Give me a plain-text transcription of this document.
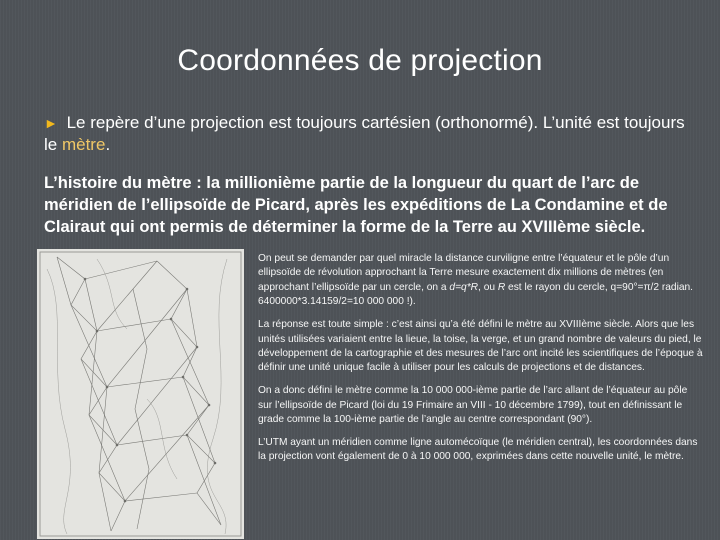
Coordonnées de projection
► Le repère d’une projection est toujours cartésien (orthonormé). L’unité est toujours le mètre.
L’histoire du mètre : la millionième partie de la longueur du quart de l’arc de méridien de l’ellipsoïde de Picard, après les expéditions de La Condamine et de Clairaut qui ont permis de déterminer la forme de la Terre au XVIIIème siècle.

On peut se demander par quel miracle la distance curviligne entre l’équateur et le pôle d’un ellipsoïde de révolution approchant la Terre mesure exactement dix millions de mètres (en approchant l’ellipsoïde par un cercle, on a d=q*R, ou R est le rayon du cercle, q=90°=π/2 radian. 6400000*3.14159/2=10 000 000 !).

La réponse est toute simple : c’est ainsi qu’a été défini le mètre au XVIIIème siècle. Alors que les unités utilisées variaient entre la lieue, la toise, la verge, et un grand nombre de valeurs du pied, le développement de la cartographie et des mesures de l’arc ont incité les scientifiques de l’époque à définir une unité unique facile à utiliser pour les calculs de projections et de distances.

On a donc défini le mètre comme la 10 000 000-ième partie de l’arc allant de l’équateur au pôle sur l’ellipsoïde de Picard (loi du 19 Frimaire an VIII - 10 décembre 1799), tout en définissant le grade comme la 100-ième partie de l’angle au centre correspondant (90°).

L’UTM ayant un méridien comme ligne automécoïque (le méridien central), les coordonnées dans la projection vont également de 0 à 10 000 000, exprimées dans cette nouvelle unité, le mètre.
